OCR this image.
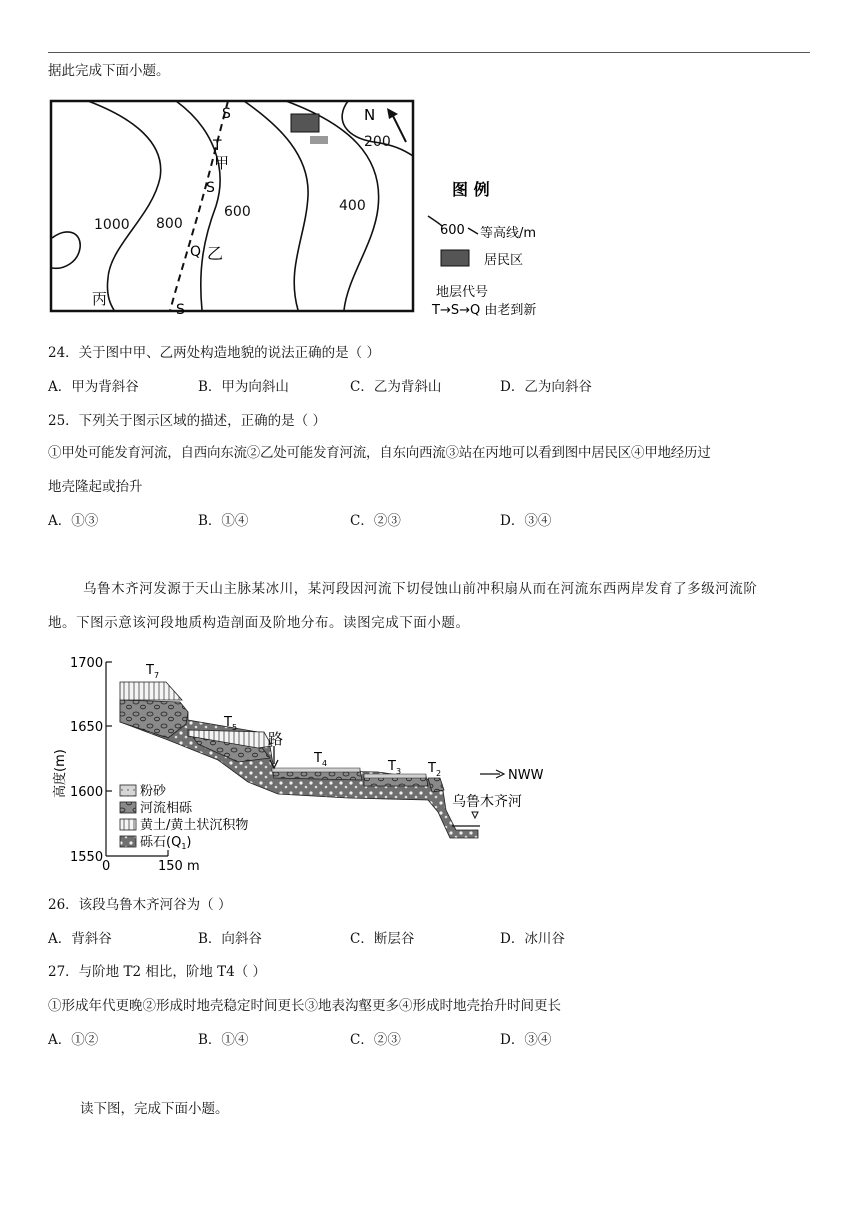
据此完成下面小题。
N
1000 800
600	400
200
S
T
S
Q
S
甲
乙
丙
图 例
600 等高线/m
居民区
地层代号
T→S→Q 由老到新
24．关于图中甲、乙两处构造地貌的说法正确的是（ ）
A．甲为背斜谷	B．甲为向斜山	C．乙为背斜山	D．乙为向斜谷
25．下列关于图示区域的描述，正确的是（ ）
①甲处可能发育河流，自西向东流②乙处可能发育河流，自东向西流③站在丙地可以看到图中居民区④甲地经历过
地壳隆起或抬升
A．①③	B．①④	C．②③	D．③④
乌鲁木齐河发源于天山主脉某冰川，某河段因河流下切侵蚀山前冲积扇从而在河流东西两岸发育了多级河流阶
地。下图示意该河段地质构造剖面及阶地分布。读图完成下面小题。
1700
1650
1600
1550
高度(m)
0	150 m
路
$T_7$
$T_5$
$T_4$	$T_3$ $T_2$	NWW
乌鲁木齐河
粉砂
河流相砾
黄土/黄土状沉积物
砾石$(Q_1)$
26．该段乌鲁木齐河谷为（ ）
A．背斜谷	B．向斜谷	C．断层谷	D．冰川谷
27．与阶地 T2 相比，阶地 T4（ ）
①形成年代更晚②形成时地壳稳定时间更长③地表沟壑更多④形成时地壳抬升时间更长
A．①②	B．①④	C．②③	D．③④
读下图，完成下面小题。
